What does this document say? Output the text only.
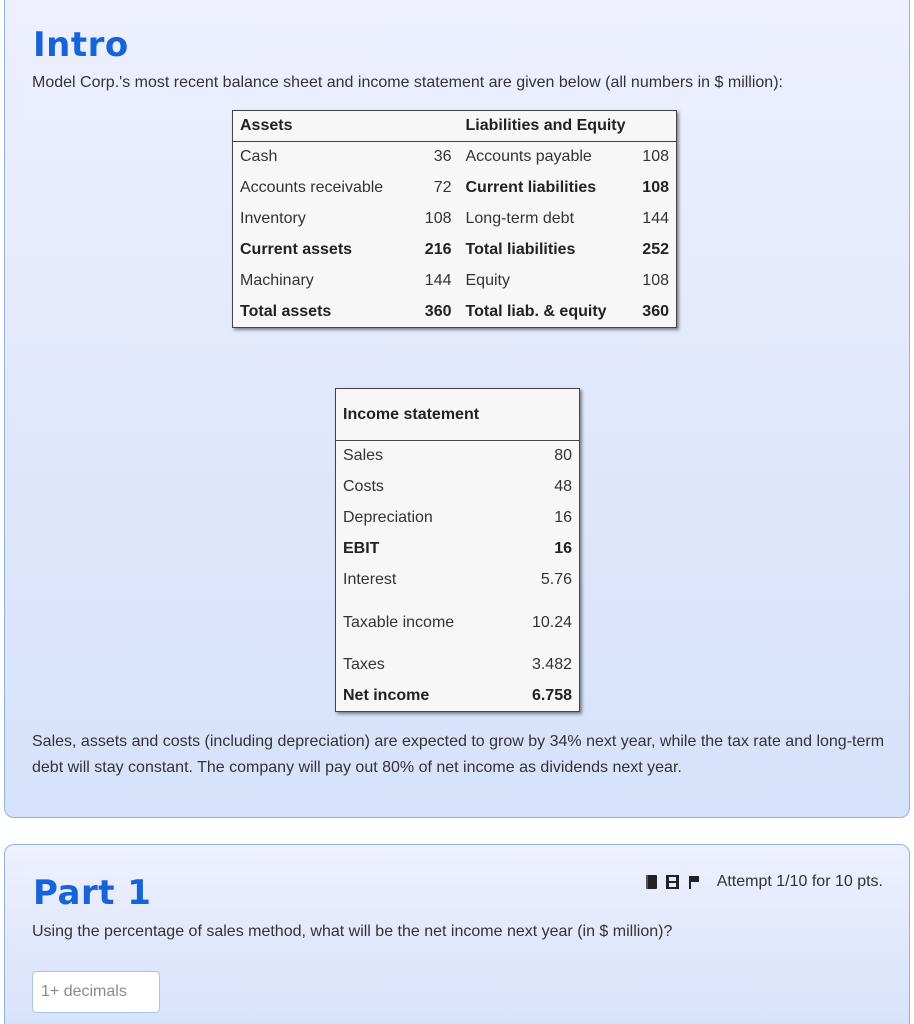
Intro

Model Corp.'s most recent balance sheet and income statement are given below (all numbers in $ million):

Assets		Liabilities and Equity	
Cash	36	Accounts payable	108
Accounts receivable	72	Current liabilities	108
Inventory	108	Long-term debt	144
Current assets	216	Total liabilities	252
Machinary	144	Equity	108
Total assets	360	Total liab. & equity	360
Income statement	
Sales	80
Costs	48
Depreciation	16
EBIT	16
Interest	5.76
Taxable income	10.24
Taxes	3.482
Net income	6.758

Sales, assets and costs (including depreciation) are expected to grow by 34% next year, while the tax rate and long-term debt will stay constant. The company will pay out 80% of net income as dividends next year.

Part 1	Attempt 1/10 for 10 pts.

Using the percentage of sales method, what will be the net income next year (in $ million)?

1+ decimals
